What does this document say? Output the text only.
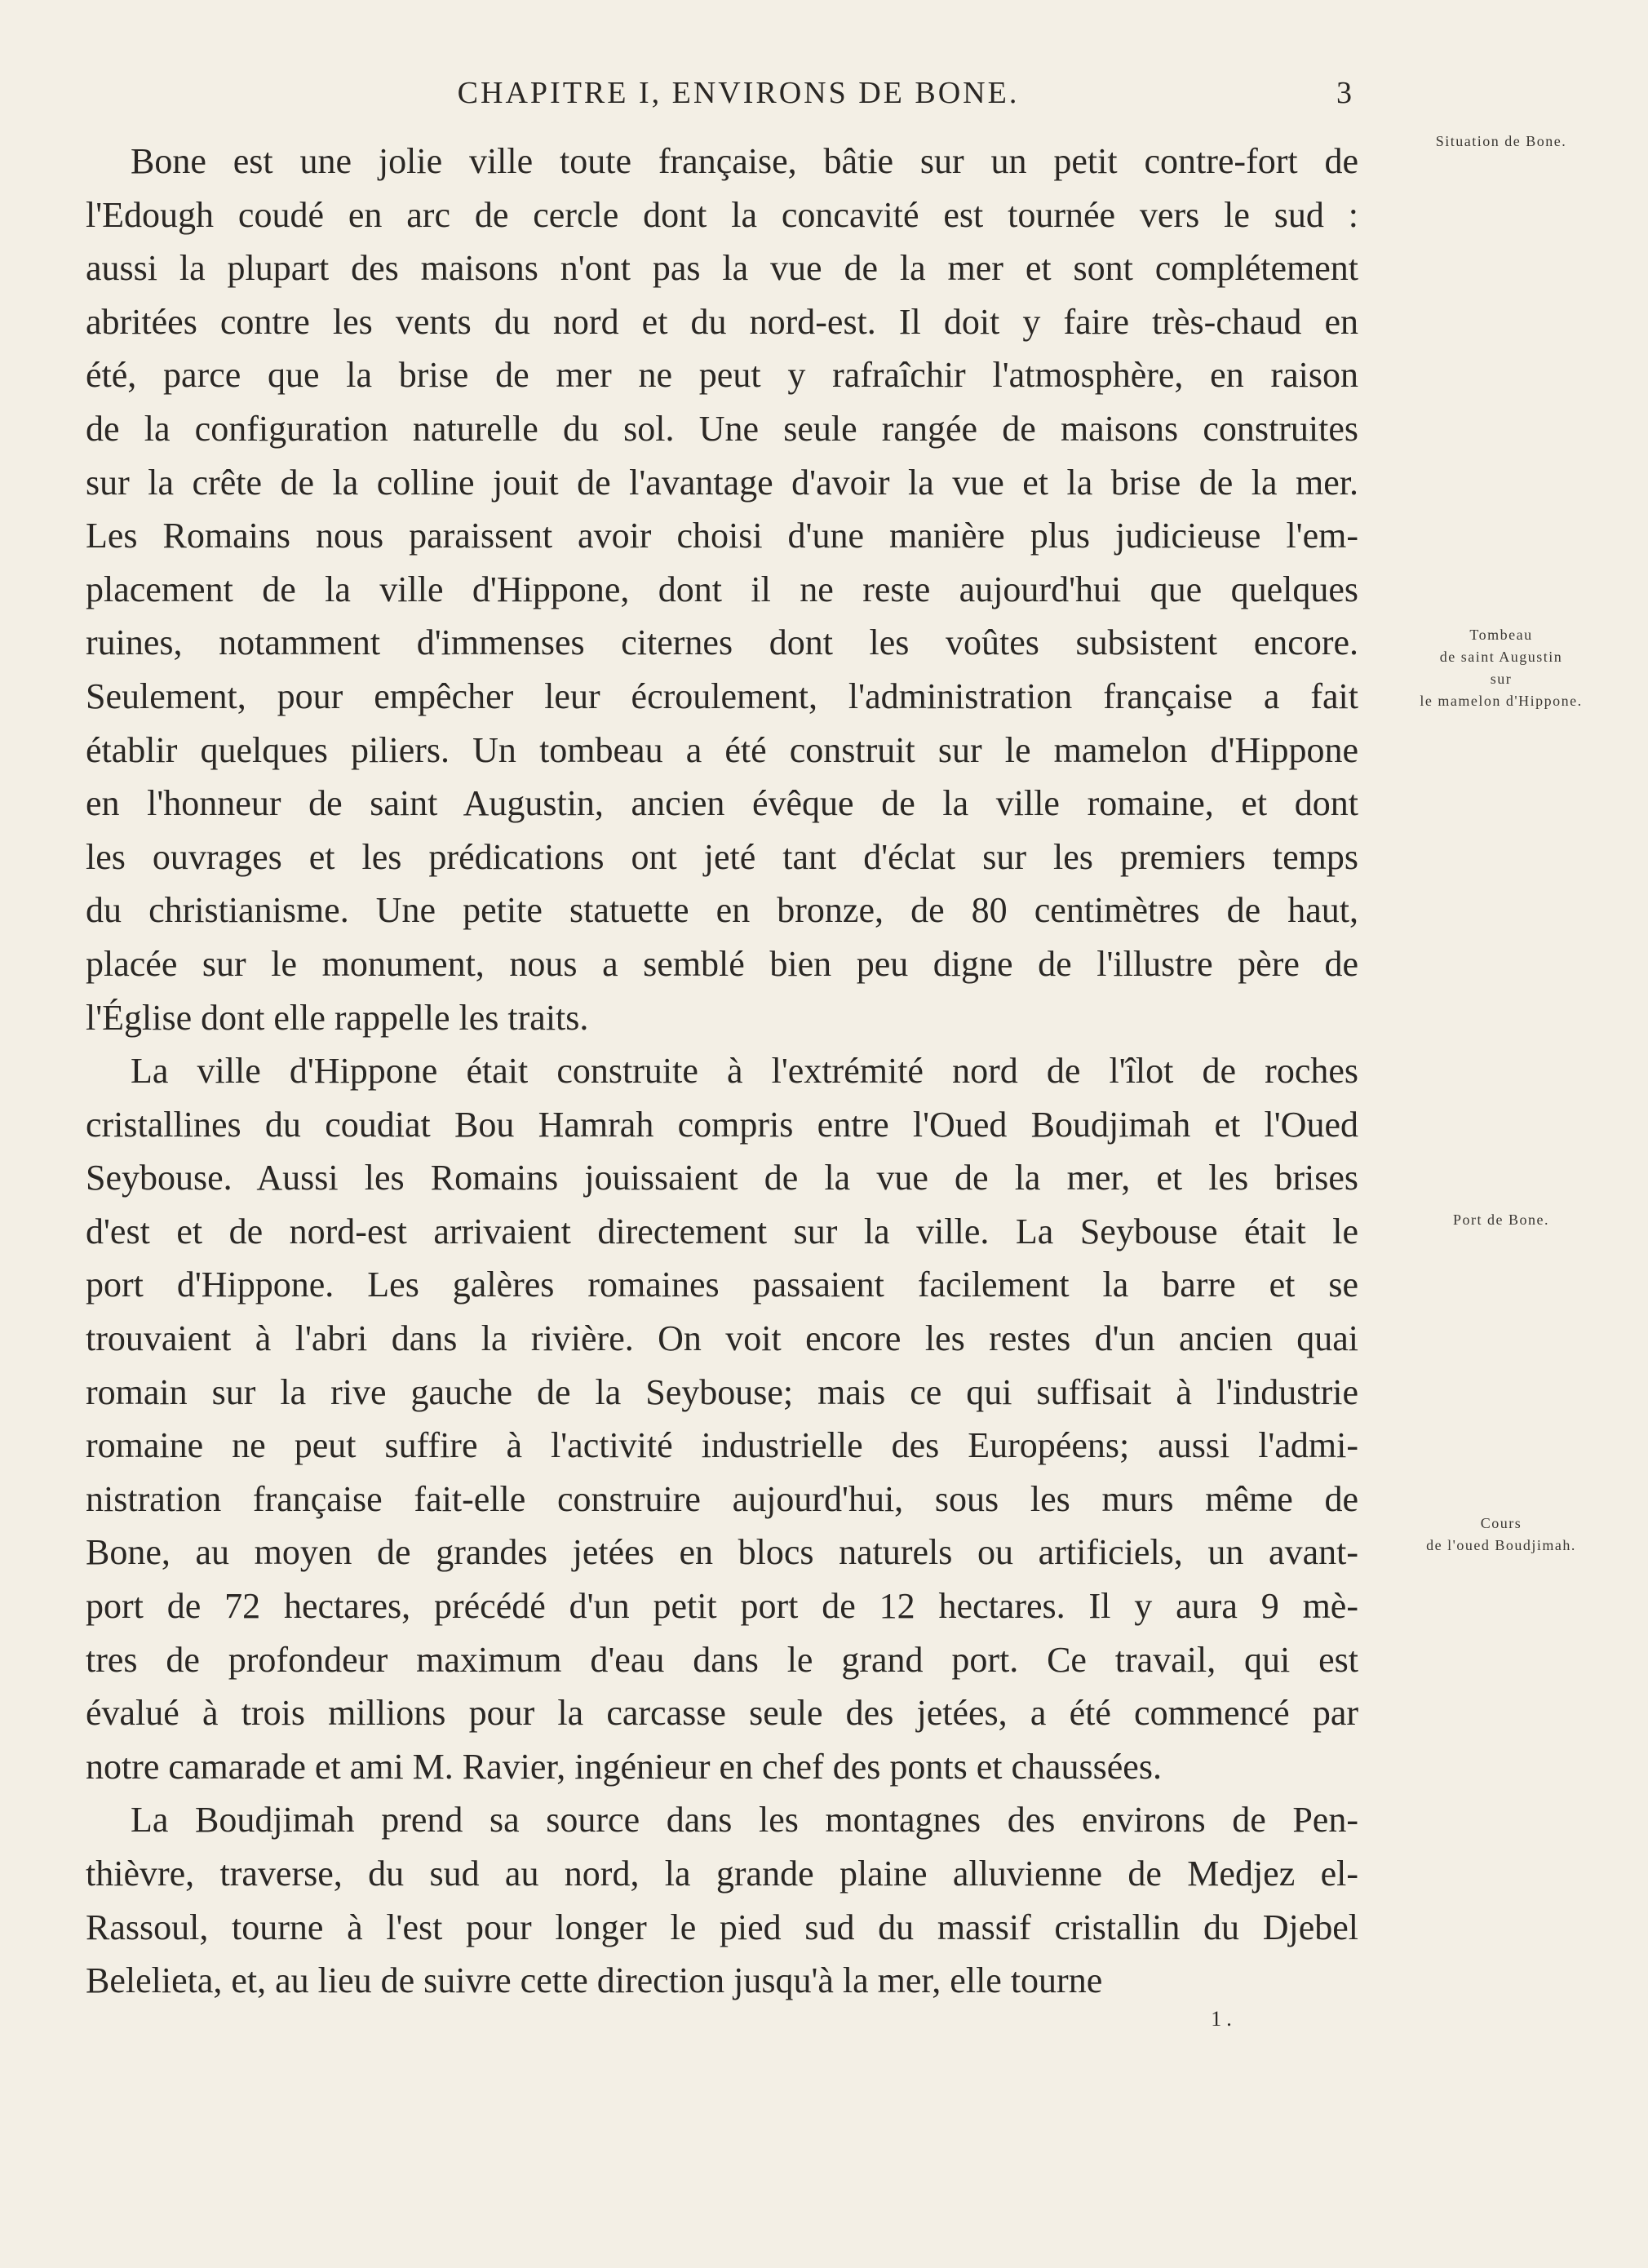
CHAPITRE I, ENVIRONS DE BONE.	3
Bone est une jolie ville toute française, bâtie sur un petit contre-fort de
l'Edough coudé en arc de cercle dont la concavité est tournée vers le sud :
aussi la plupart des maisons n'ont pas la vue de la mer et sont complétement
abritées contre les vents du nord et du nord-est. Il doit y faire très-chaud en
été, parce que la brise de mer ne peut y rafraîchir l'atmosphère, en raison
de la configuration naturelle du sol. Une seule rangée de maisons construites
sur la crête de la colline jouit de l'avantage d'avoir la vue et la brise de la mer.
Les Romains nous paraissent avoir choisi d'une manière plus judicieuse l'em-
placement de la ville d'Hippone, dont il ne reste aujourd'hui que quelques
ruines, notamment d'immenses citernes dont les voûtes subsistent encore.
Seulement, pour empêcher leur écroulement, l'administration française a fait
établir quelques piliers. Un tombeau a été construit sur le mamelon d'Hippone
en l'honneur de saint Augustin, ancien évêque de la ville romaine, et dont
les ouvrages et les prédications ont jeté tant d'éclat sur les premiers temps
du christianisme. Une petite statuette en bronze, de 80 centimètres de haut,
placée sur le monument, nous a semblé bien peu digne de l'illustre père de
l'Église dont elle rappelle les traits.
La ville d'Hippone était construite à l'extrémité nord de l'îlot de roches
cristallines du coudiat Bou Hamrah compris entre l'Oued Boudjimah et l'Oued
Seybouse. Aussi les Romains jouissaient de la vue de la mer, et les brises
d'est et de nord-est arrivaient directement sur la ville. La Seybouse était le
port d'Hippone. Les galères romaines passaient facilement la barre et se
trouvaient à l'abri dans la rivière. On voit encore les restes d'un ancien quai
romain sur la rive gauche de la Seybouse; mais ce qui suffisait à l'industrie
romaine ne peut suffire à l'activité industrielle des Européens; aussi l'admi-
nistration française fait-elle construire aujourd'hui, sous les murs même de
Bone, au moyen de grandes jetées en blocs naturels ou artificiels, un avant-
port de 72 hectares, précédé d'un petit port de 12 hectares. Il y aura 9 mè-
tres de profondeur maximum d'eau dans le grand port. Ce travail, qui est
évalué à trois millions pour la carcasse seule des jetées, a été commencé par
notre camarade et ami M. Ravier, ingénieur en chef des ponts et chaussées.
La Boudjimah prend sa source dans les montagnes des environs de Pen-
thièvre, traverse, du sud au nord, la grande plaine alluvienne de Medjez el-
Rassoul, tourne à l'est pour longer le pied sud du massif cristallin du Djebel
Belelieta, et, au lieu de suivre cette direction jusqu'à la mer, elle tourne
Situation de Bone.
Tombeau
de saint Augustin
sur
le mamelon d'Hippone.
Port de Bone.
Cours
de l'oued Boudjimah.
1.
